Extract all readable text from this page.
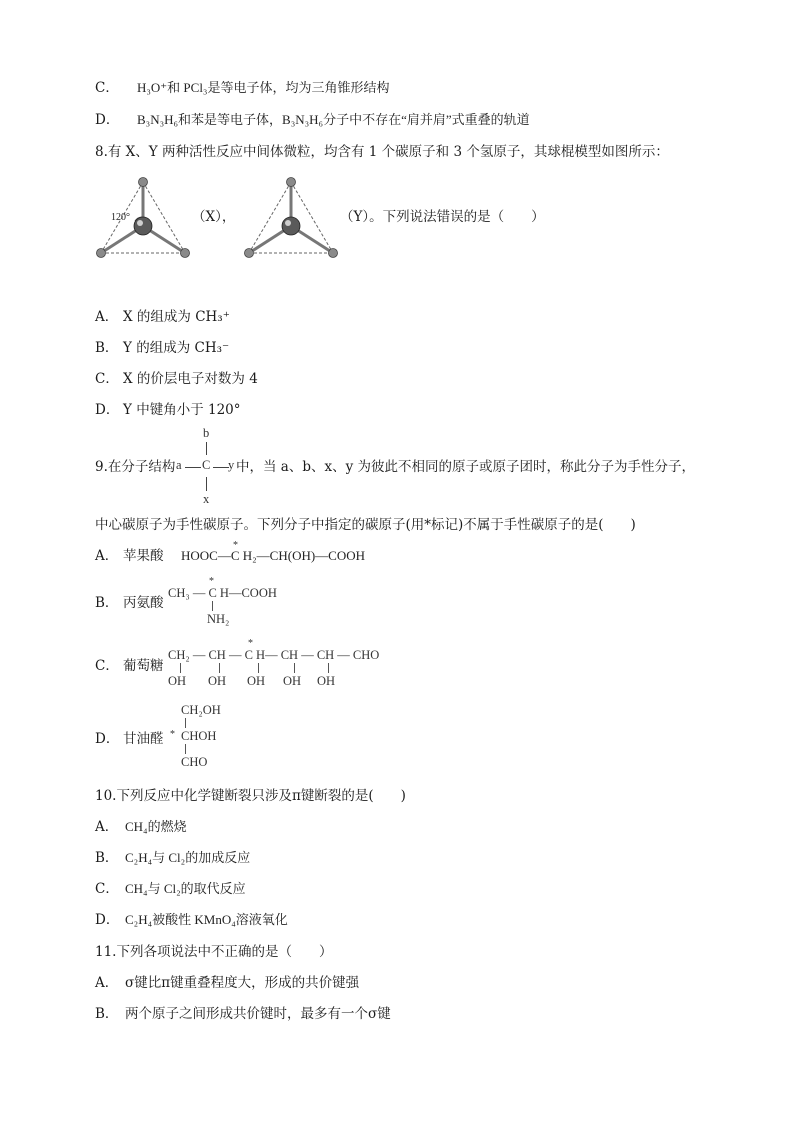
C． H₃O⁺和 PCl₃是等电子体，均为三角锥形结构
D． B₃N₃H₆和苯是等电子体，B₃N₃H₆分子中不存在“肩并肩”式重叠的轨道
8.有 X、Y 两种活性反应中间体微粒，均含有 1 个碳原子和 3 个氢原子，其球棍模型如图所示：
120°	（X），	（Y）。下列说法错误的是（　　）
A． X 的组成为 CH₃⁺
B． Y 的组成为 CH₃⁻
C． X 的价层电子对数为 4
D． Y 中键角小于 120°
9.在分子结构
b
a C y
x
中，当 a、b、x、y 为彼此不相同的原子或原子团时，称此分子为手性分子，
中心碳原子为手性碳原子。下列分子中指定的碳原子(用*标记)不属于手性碳原子的是(　　)
A． 苹果酸 HOOC—C H₂—CH(OH)—COOH
*
B． 丙氨酸
*
CH₃ — C H—COOH
NH₂
C． 葡萄糖
*
CH₂ — CH — C H— CH — CH — CHO
OH OH OH OH OH
D． 甘油醛
CH₂OH
* CHOH
CHO
10.下列反应中化学键断裂只涉及π键断裂的是(　　)
A． CH₄的燃烧
B． C₂H₄与 Cl₂的加成反应
C． CH₄与 Cl₂的取代反应
D． C₂H₄被酸性 KMnO₄溶液氧化
11.下列各项说法中不正确的是（　　）
A． σ键比π键重叠程度大，形成的共价键强
B． 两个原子之间形成共价键时，最多有一个σ键
